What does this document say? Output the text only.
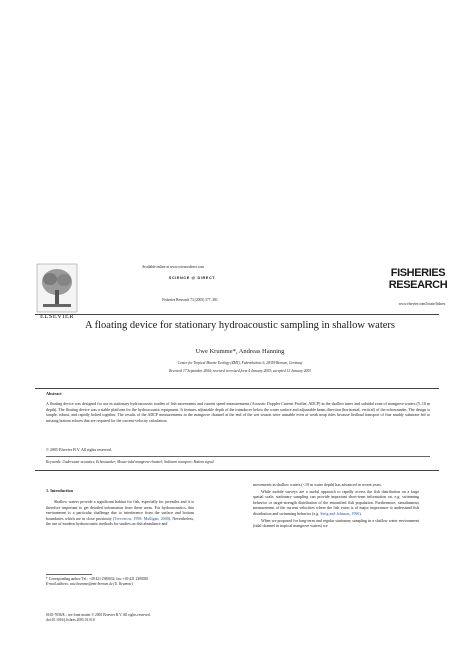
ELSEVIER
Available online at www.sciencedirect.com
SCIENCE @ DIRECT
Fisheries Research 73 (2005) 377–381
FISHERIES
RESEARCH
www.elsevier.com/locate/fishres
A floating device for stationary hydroacoustic sampling in shallow waters
Uwe Krumme*, Andreas Hanning
Center for Tropical Marine Ecology (ZMT), Fahrenheitstr. 6, 28359 Bremen, Germany
Received 17 September 2004; received in revised form 4 January 2005; accepted 12 January 2005
Abstract
A floating device was designed for use in stationary hydroacoustic studies of fish movements and current speed measurements (Acoustic Doppler Current Profiler, ADCP) in the shallow inner and subtidal zone of mangrove waters (5–10 m depth). The floating device was a stable platform for the hydroacoustic equipment. It features adjustable depth of the transducer below the water surface and adjustable beam direction (horizontal, vertical) of the echosounder. The design is simple, robust, and rapidly bolted together. The results of the ADCP measurements in the mangrove channel at the end of the wet season were unstable even at weak neap tides because bedload transport of fine muddy substrate led to missing bottom echoes that are required for the current-velocity calculation.
© 2005 Elsevier B.V. All rights reserved.
Keywords: Underwater acoustics; Echosounder; Mouse-tidal mangrove channel; Sediment transport; Bottom signal
1. Introduction

Shallow waters provide a significant habitat for fish, especially for juveniles and it is therefore important to get detailed information from these areas. For hydroacoustics, this environment is a particular challenge due to interference from the surface and bottom boundaries which are in close proximity (Trevorrow, 1998; Mulligan, 2000). Nevertheless, the use of modern hydroacoustic methods for studies on fish abundance and

* Corresponding author. Tel.: +49 421 2380032; fax: +49 421 2380030.
E-mail address: uwe.krumme@zmt-bremen.de (U. Krumme).
movements in shallow waters (<10 m water depth) has advanced in recent years.

While mobile surveys are a useful approach to rapidly access the fish distribution on a large spatial scale, stationary sampling can provide important short-term information on, e.g. swimming behavior or target-strength distribution of the ensonified fish population. Furthermore, simultaneous measurement of the current velocities where the fish swim is of major importance to understand fish distribution and swimming behavior (e.g. Steig and Johnson, 1996).

When we proposed for long-term and regular stationary sampling in a shallow water environment (tidal channel in tropical mangrove waters) we

0165-7836/$ – see front matter © 2005 Elsevier B.V. All rights reserved.
doi:10.1016/j.fishres.2005.01.010
